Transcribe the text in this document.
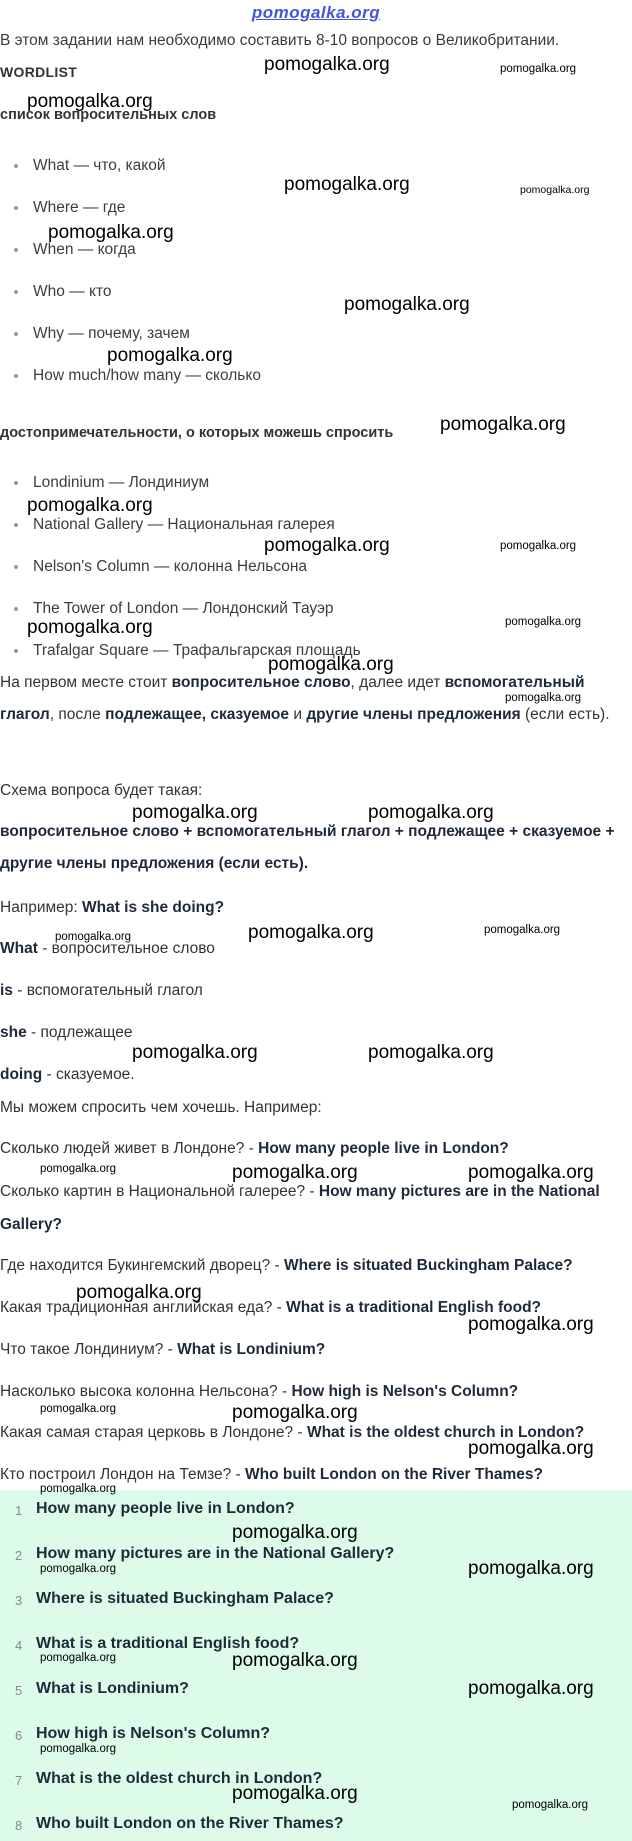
pomogalka.org
В этом задании нам необходимо составить 8-10 вопросов о Великобритании.
WORDLIST
список вопросительных слов
What — что, какой
Where — где
When — когда
Who — кто
Why — почему, зачем
How much/how many — сколько
достопримечательности, о которых можешь спросить
Londinium — Лондиниум
National Gallery — Национальная галерея
Nelson's Column — колонна Нельсона
The Tower of London — Лондонский Тауэр
Trafalgar Square — Трафальгарская площадь
На первом месте стоит вопросительное слово, далее идет вспомогательный глагол, после подлежащее, сказуемое и другие члены предложения (если есть).
Схема вопроса будет такая:
вопросительное слово + вспомогательный глагол + подлежащее + сказуемое + другие члены предложения (если есть).
Например: What is she doing?
What - вопросительное слово
is - вспомогательный глагол
she - подлежащее
doing - сказуемое.
Мы можем спросить чем хочешь. Например:
Сколько людей живет в Лондоне? - How many people live in London?
Сколько картин в Национальной галерее? - How many pictures are in the National Gallery?
Где находится Букингемский дворец? - Where is situated Buckingham Palace?
Какая традиционная английская еда? - What is a traditional English food?
Что такое Лондиниум? - What is Londinium?
Насколько высока колонна Нельсона? - How high is Nelson's Column?
Какая самая старая церковь в Лондоне? - What is the oldest church in London?
Кто построил Лондон на Темзе? - Who built London on the River Thames?
1 How many people live in London?
2 How many pictures are in the National Gallery?
3 Where is situated Buckingham Palace?
4 What is a traditional English food?
5 What is Londinium?
6 How high is Nelson's Column?
7 What is the oldest church in London?
8 Who built London on the River Thames?
pomogalka.org	pomogalka.org
pomogalka.org
pomogalka.org	pomogalka.org
pomogalka.org
pomogalka.org
pomogalka.org
pomogalka.org
pomogalka.org
pomogalka.org	pomogalka.org
pomogalka.org
pomogalka.org
pomogalka.org
pomogalka.org
pomogalka.org	pomogalka.org
pomogalka.org	pomogalka.org	pomogalka.org
pomogalka.org	pomogalka.org
pomogalka.org	pomogalka.org	pomogalka.org
pomogalka.org
pomogalka.org
pomogalka.org	pomogalka.org
pomogalka.org
pomogalka.org
pomogalka.org
pomogalka.org	pomogalka.org
pomogalka.org	pomogalka.org
pomogalka.org
pomogalka.org
pomogalka.org
pomogalka.org
